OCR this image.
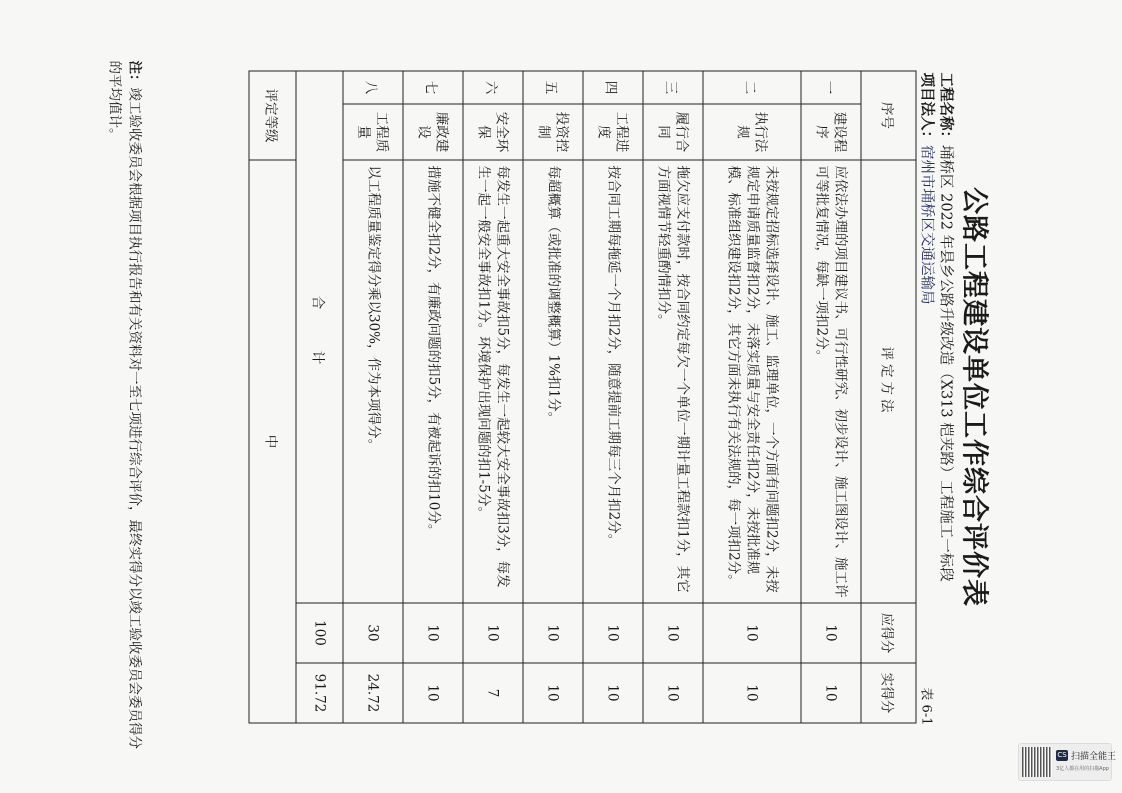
公路工程建设单位工作综合评价表
工程名称：埇桥区 2022 年县乡公路升级改造（X313 桤夹路）工程施工一标段
项目法人：宿州市埇桥区交通运输局
表 6-1
序号		评定方法	应得分	实得分
一	建设程序	应依法办理的项目建议书、可行性研究、初步设计、施工图设计、施工许可等批复情况，每缺一项扣2分。	10	10
二	执行法规	未按规定招标选择设计、施工、监理单位，一个方面有问题扣2分，未按规定申请质量监督扣2分，未落实质量与安全责任扣2分，未按批准规模、标准组织建设扣2分，其它方面未执行有关法规的，每一项扣2分。	10	10
三	履行合同	拖欠应支付款时，按合同约定每欠一个单位一期计量工程款扣1分，其它方面视情节轻重酌情扣分。	10	10
四	工程进度	按合同工期每拖延一个月扣2分，随意提前工期每三个月扣2分。	10	10
五	投资控制	每超概算（或批准的调整概算）1%扣1分。	10	10
六	安全环保	每发生一起重大安全事故扣5分，每发生一起较大安全事故扣3分，每发生一起一般安全事故扣1分。环境保护出现问题的扣1-5分。	10	7
七	廉政建设	措施不健全扣2分，有廉政问题的扣5分，有被起诉的扣10分。	10	10
八	工程质量	以工程质量鉴定得分乘以30%，作为本项得分。	30	24.72
合　计			100	91.72
评定等级		中		
注：竣工验收委员会根据项目执行报告和有关资料对一至七项进行综合评价，最终实得分以竣工验收委员会委员得分的平均值计。
CS 扫描全能王
3亿人都在用的扫描App
